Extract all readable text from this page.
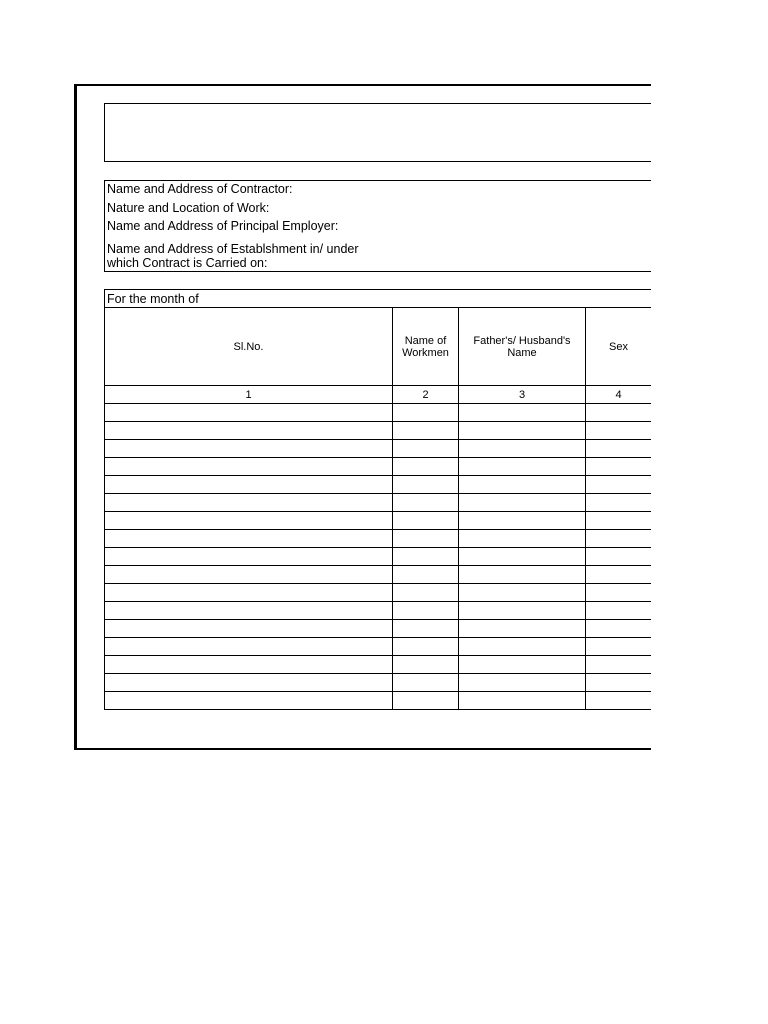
Name and Address of Contractor:
Nature and Location of Work:
Name and Address of Principal Employer:
Name and Address of Establshment in/ under
which Contract is Carried on:
For the month of
Sl.No.	Name of Workmen	Father's/ Husband's Name	Sex
1	2	3	4
